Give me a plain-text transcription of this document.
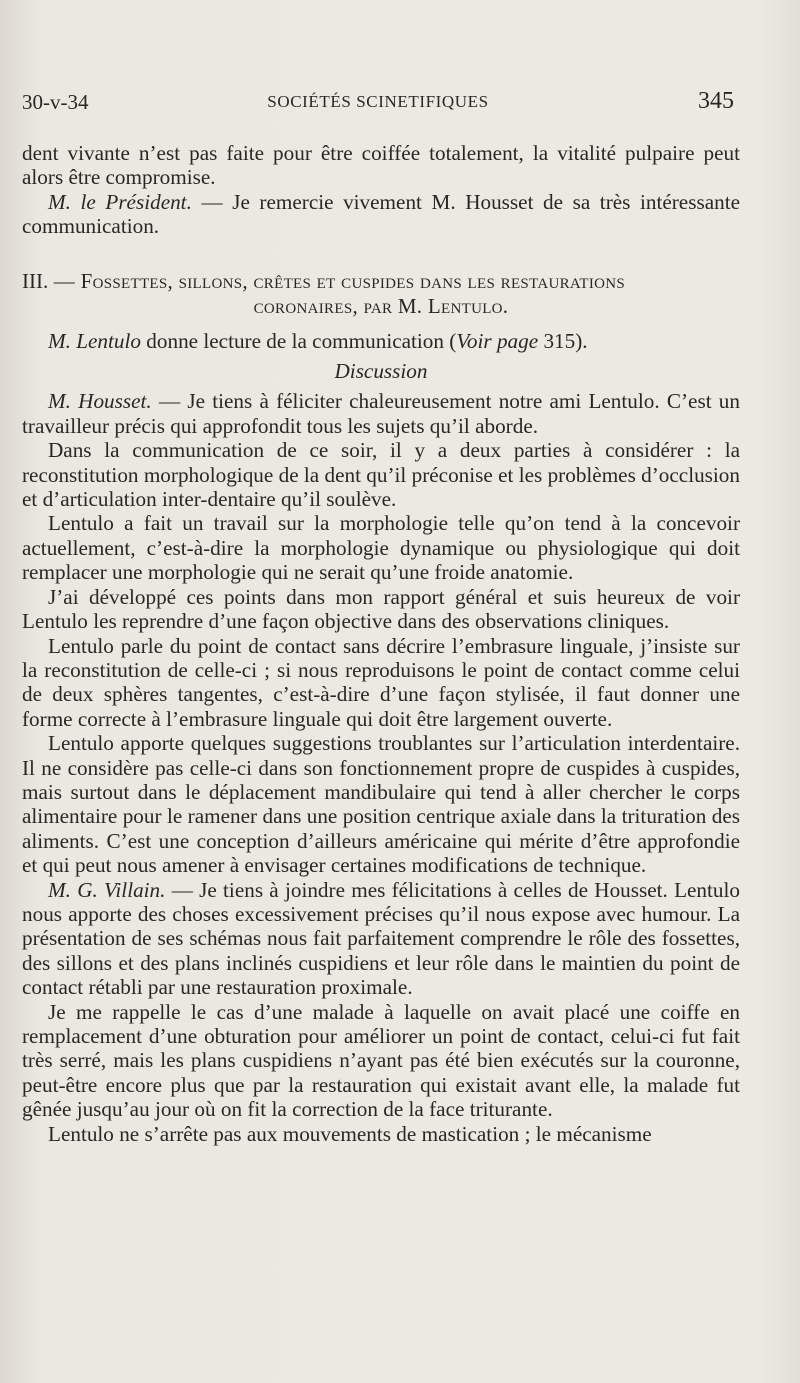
30-v-34	SOCIÉTÉS SCINETIFIQUES	345

dent vivante n’est pas faite pour être coiffée totalement, la vitalité pulpaire peut alors être compromise.

M. le Président. — Je remercie vivement M. Housset de sa très intéressante communication.

III. — Fossettes, sillons, crêtes et cuspides dans les restaurations
coronaires, par M. Lentulo.

M. Lentulo donne lecture de la communication (Voir page 315).

Discussion

M. Housset. — Je tiens à féliciter chaleureusement notre ami Lentulo. C’est un travailleur précis qui approfondit tous les sujets qu’il aborde.

Dans la communication de ce soir, il y a deux parties à considérer : la reconstitution morphologique de la dent qu’il préconise et les problèmes d’occlusion et d’articulation inter-dentaire qu’il soulève.

Lentulo a fait un travail sur la morphologie telle qu’on tend à la concevoir actuellement, c’est-à-dire la morphologie dynamique ou physiologique qui doit remplacer une morphologie qui ne serait qu’une froide anatomie.

J’ai développé ces points dans mon rapport général et suis heureux de voir Lentulo les reprendre d’une façon objective dans des observations cliniques.

Lentulo parle du point de contact sans décrire l’embrasure linguale, j’insiste sur la reconstitution de celle-ci ; si nous reproduisons le point de contact comme celui de deux sphères tangentes, c’est-à-dire d’une façon stylisée, il faut donner une forme correcte à l’embrasure linguale qui doit être largement ouverte.

Lentulo apporte quelques suggestions troublantes sur l’articulation interdentaire. Il ne considère pas celle-ci dans son fonctionnement propre de cuspides à cuspides, mais surtout dans le déplacement mandibulaire qui tend à aller chercher le corps alimentaire pour le ramener dans une position centrique axiale dans la trituration des aliments. C’est une conception d’ailleurs américaine qui mérite d’être approfondie et qui peut nous amener à envisager certaines modifications de technique.

M. G. Villain. — Je tiens à joindre mes félicitations à celles de Housset. Lentulo nous apporte des choses excessivement précises qu’il nous expose avec humour. La présentation de ses schémas nous fait parfaitement comprendre le rôle des fossettes, des sillons et des plans inclinés cuspidiens et leur rôle dans le maintien du point de contact rétabli par une restauration proximale.

Je me rappelle le cas d’une malade à laquelle on avait placé une coiffe en remplacement d’une obturation pour améliorer un point de contact, celui-ci fut fait très serré, mais les plans cuspidiens n’ayant pas été bien exécutés sur la couronne, peut-être encore plus que par la restauration qui existait avant elle, la malade fut gênée jusqu’au jour où on fit la correction de la face triturante.

Lentulo ne s’arrête pas aux mouvements de mastication ; le mécanisme
